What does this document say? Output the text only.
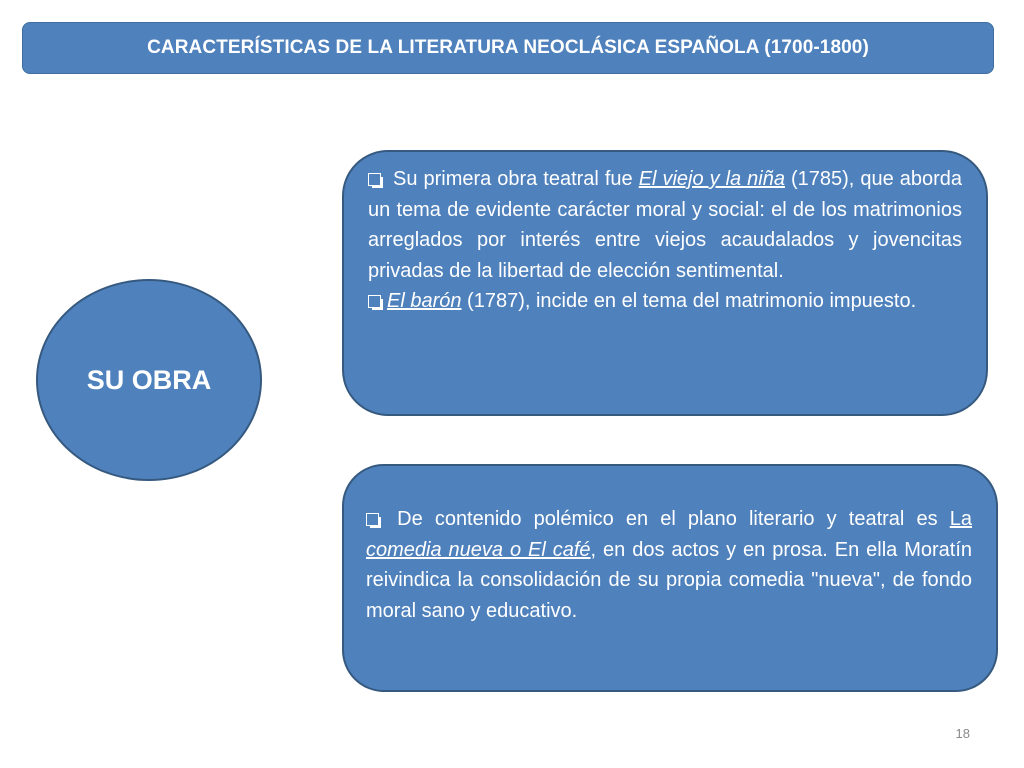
CARACTERÍSTICAS DE LA LITERATURA NEOCLÁSICA ESPAÑOLA (1700-1800)
SU OBRA

Su primera obra teatral fue El viejo y la niña (1785), que aborda un tema de evidente carácter moral y social: el de los matrimonios arreglados por interés entre viejos acaudalados y jovencitas privadas de la libertad de elección sentimental.

El barón (1787), incide en el tema del matrimonio impuesto.

De contenido polémico en el plano literario y teatral es La comedia nueva o El café, en dos actos y en prosa. En ella Moratín reivindica la consolidación de su propia comedia "nueva", de fondo moral sano y educativo.

18
